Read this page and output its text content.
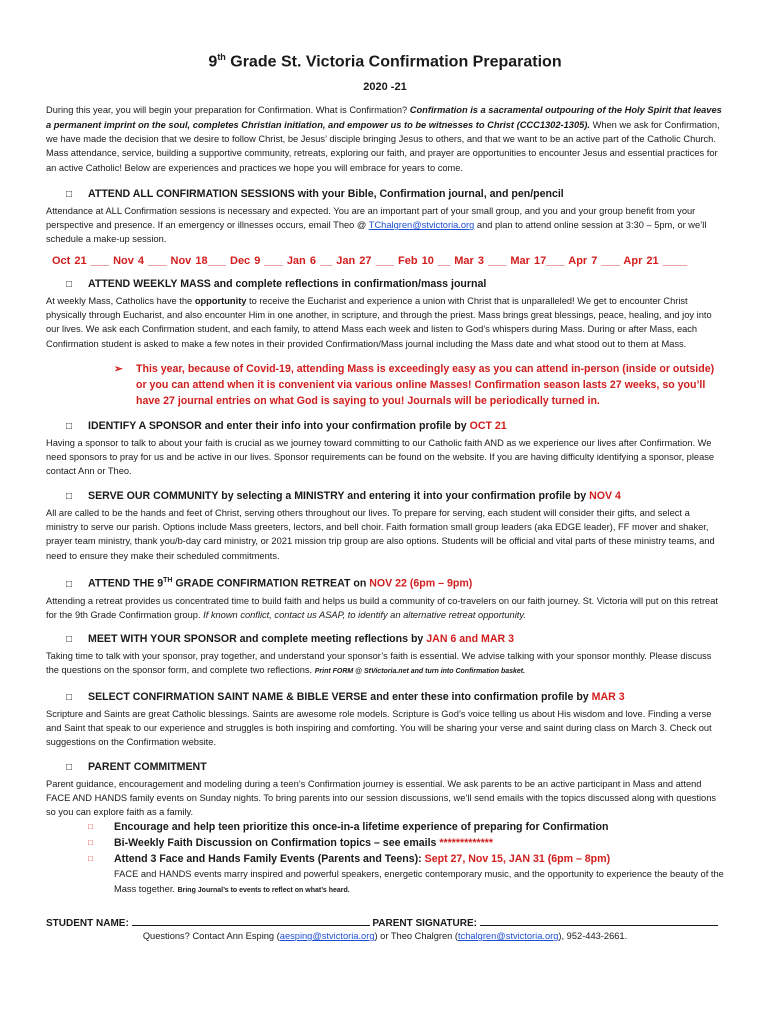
9th Grade St. Victoria Confirmation Preparation
2020 -21

During this year, you will begin your preparation for Confirmation. What is Confirmation? Confirmation is a sacramental outpouring of the Holy Spirit that leaves a permanent imprint on the soul, completes Christian initiation, and empower us to be witnesses to Christ (CCC1302-1305). When we ask for Confirmation, we have made the decision that we desire to follow Christ, be Jesus’ disciple bringing Jesus to others, and that we want to be an active part of the Catholic Church. Mass attendance, service, building a supportive community, retreats, exploring our faith, and prayer are opportunities to encounter Jesus and essential practices for an active Catholic! Below are experiences and practices we hope you will embrace for years to come.

□ ATTEND ALL CONFIRMATION SESSIONS with your Bible, Confirmation journal, and pen/pencil

Attendance at ALL Confirmation sessions is necessary and expected. You are an important part of your small group, and you and your group benefit from your perspective and presence. If an emergency or illnesses occurs, email Theo @ TChalgren@stvictoria.org and plan to attend online session at 3:30 – 5pm, or we’ll schedule a make-up session.

Oct 21 ___ Nov 4 ___ Nov 18___ Dec 9 ___ Jan 6 __ Jan 27 ___ Feb 10 __ Mar 3 ___ Mar 17___ Apr 7 ___ Apr 21 ____
□ ATTEND WEEKLY MASS and complete reflections in confirmation/mass journal

At weekly Mass, Catholics have the opportunity to receive the Eucharist and experience a union with Christ that is unparalleled! We get to encounter Christ physically through Eucharist, and also encounter Him in one another, in scripture, and through the priest. Mass brings great blessings, peace, healing, and joy into our lives. We ask each Confirmation student, and each family, to attend Mass each week and listen to God’s whispers during Mass. During or after Mass, each Confirmation student is asked to make a few notes in their provided Confirmation/Mass journal including the Mass date and what stood out to them at Mass.

➢	This year, because of Covid-19, attending Mass is exceedingly easy as you can attend in-person (inside or outside) or you can attend when it is convenient via various online Masses! Confirmation season lasts 27 weeks, so you’ll have 27 journal entries on what God is saying to you! Journals will be periodically turned in.
□ IDENTIFY A SPONSOR and enter their info into your confirmation profile by OCT 21

Having a sponsor to talk to about your faith is crucial as we journey toward committing to our Catholic faith AND as we experience our lives after Confirmation. We need sponsors to pray for us and be active in our lives. Sponsor requirements can be found on the website. If you are having difficulty identifying a sponsor, please contact Ann or Theo.

□ SERVE OUR COMMUNITY by selecting a MINISTRY and entering it into your confirmation profile by NOV 4

All are called to be the hands and feet of Christ, serving others throughout our lives. To prepare for serving, each student will consider their gifts, and select a ministry to serve our parish. Options include Mass greeters, lectors, and bell choir. Faith formation small group leaders (aka EDGE leader), FF mover and shaker, prayer team ministry, thank you/b-day card ministry, or 2021 mission trip group are also options. Students will be official and vital parts of these ministry teams, and need to ensure they make their scheduled commitments.

□ ATTEND THE 9TH GRADE CONFIRMATION RETREAT on NOV 22 (6pm – 9pm)

Attending a retreat provides us concentrated time to build faith and helps us build a community of co-travelers on our faith journey. St. Victoria will put on this retreat for the 9th Grade Confirmation group. If known conflict, contact us ASAP, to identify an alternative retreat opportunity.

□ MEET WITH YOUR SPONSOR and complete meeting reflections by JAN 6 and MAR 3

Taking time to talk with your sponsor, pray together, and understand your sponsor’s faith is essential. We advise talking with your sponsor monthly. Please discuss the questions on the sponsor form, and complete two reflections. Print FORM @ StVictoria.net and turn into Confirmation basket.

□ SELECT CONFIRMATION SAINT NAME & BIBLE VERSE and enter these into confirmation profile by MAR 3

Scripture and Saints are great Catholic blessings. Saints are awesome role models. Scripture is God’s voice telling us about His wisdom and love. Finding a verse and Saint that speak to our experience and struggles is both inspiring and comforting. You will be sharing your verse and saint during class on March 3. Check out suggestions on the Confirmation website.

□ PARENT COMMITMENT

Parent guidance, encouragement and modeling during a teen’s Confirmation journey is essential. We ask parents to be an active participant in Mass and attend FACE AND HANDS family events on Sunday nights. To bring parents into our session discussions, we’ll send emails with the topics discussed along with questions so you can explore faith as a family.

□	Encourage and help teen prioritize this once-in-a lifetime experience of preparing for Confirmation
□	Bi-Weekly Faith Discussion on Confirmation topics – see emails *************
□	Attend 3 Face and Hands Family Events (Parents and Teens): Sept 27, Nov 15, JAN 31 (6pm – 8pm)

FACE and HANDS events marry inspired and powerful speakers, energetic contemporary music, and the opportunity to experience the beauty of the Mass together. Bring Journal’s to events to reflect on what’s heard.

STUDENT NAME:	PARENT SIGNATURE:
Questions? Contact Ann Esping (aesping@stvictoria.org) or Theo Chalgren (tchalgren@stvictoria.org), 952-443-2661.
